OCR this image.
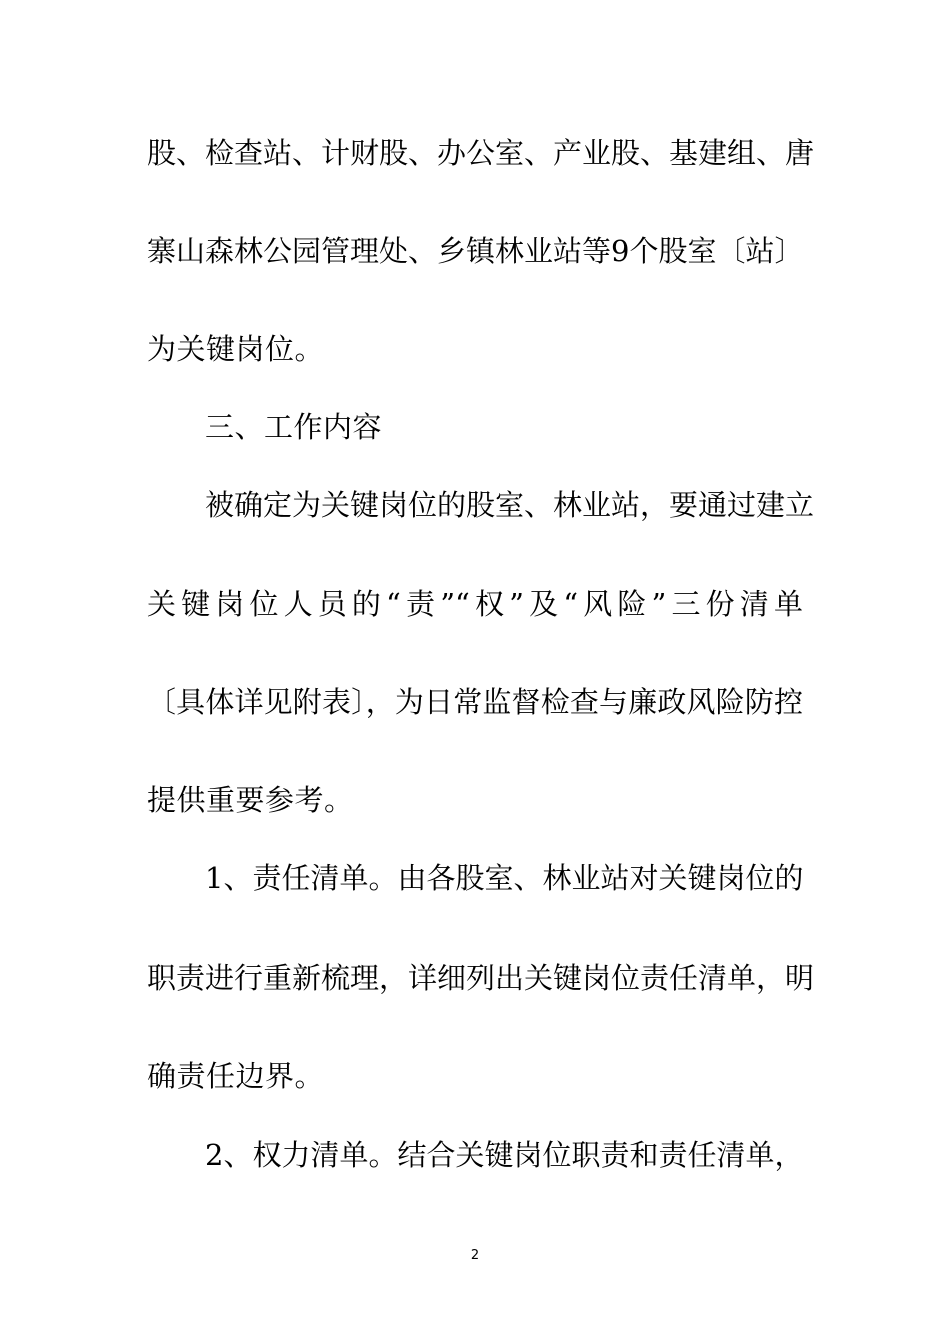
股、检查站、计财股、办公室、产业股、基建组、唐
寨山森林公园管理处、乡镇林业站等9个股室〔站〕
为关键岗位。
三、工作内容
被确定为关键岗位的股室、林业站，要通过建立
关键岗位人员的“责”“权”及“风险”三份清单
〔具体详见附表〕，为日常监督检查与廉政风险防控
提供重要参考。
1、责任清单。由各股室、林业站对关键岗位的
职责进行重新梳理，详细列出关键岗位责任清单，明
确责任边界。
2、权力清单。结合关键岗位职责和责任清单，
2
